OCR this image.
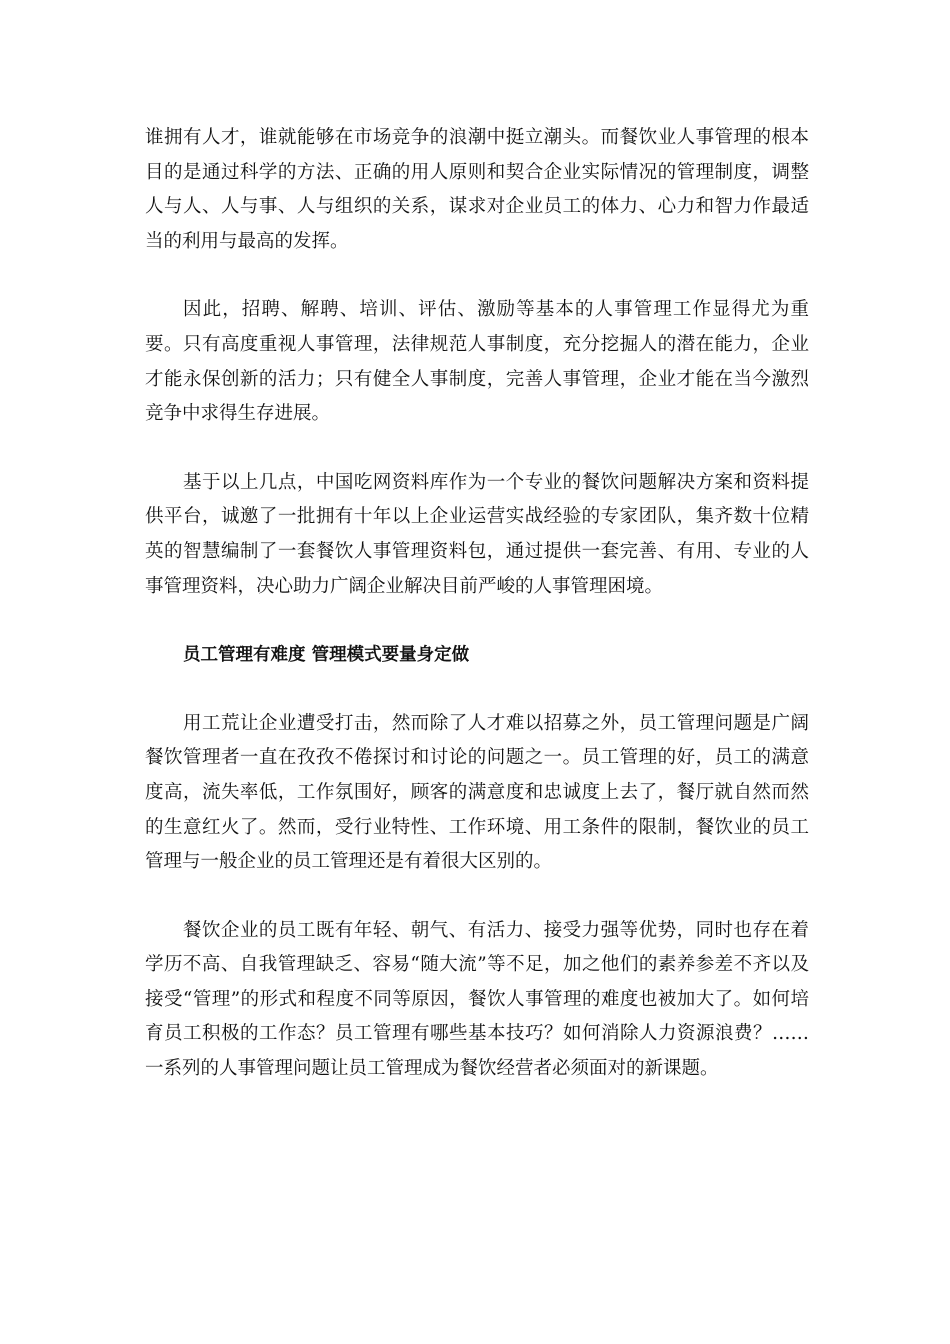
谁拥有人才，谁就能够在市场竞争的浪潮中挺立潮头。而餐饮业人事管理的根本目的是通过科学的方法、正确的用人原则和契合企业实际情况的管理制度，调整人与人、人与事、人与组织的关系，谋求对企业员工的体力、心力和智力作最适当的利用与最高的发挥。

因此，招聘、解聘、培训、评估、激励等基本的人事管理工作显得尤为重要。只有高度重视人事管理，法律规范人事制度，充分挖掘人的潜在能力，企业才能永保创新的活力；只有健全人事制度，完善人事管理，企业才能在当今激烈竞争中求得生存进展。

基于以上几点，中国吃网资料库作为一个专业的餐饮问题解决方案和资料提供平台，诚邀了一批拥有十年以上企业运营实战经验的专家团队，集齐数十位精英的智慧编制了一套餐饮人事管理资料包，通过提供一套完善、有用、专业的人事管理资料，决心助力广阔企业解决目前严峻的人事管理困境。

员工管理有难度 管理模式要量身定做

用工荒让企业遭受打击，然而除了人才难以招募之外，员工管理问题是广阔餐饮管理者一直在孜孜不倦探讨和讨论的问题之一。员工管理的好，员工的满意度高，流失率低，工作氛围好，顾客的满意度和忠诚度上去了，餐厅就自然而然的生意红火了。然而，受行业特性、工作环境、用工条件的限制，餐饮业的员工管理与一般企业的员工管理还是有着很大区别的。

餐饮企业的员工既有年轻、朝气、有活力、接受力强等优势，同时也存在着学历不高、自我管理缺乏、容易“随大流”等不足，加之他们的素养参差不齐以及接受“管理”的形式和程度不同等原因，餐饮人事管理的难度也被加大了。如何培育员工积极的工作态？员工管理有哪些基本技巧？如何消除人力资源浪费？……一系列的人事管理问题让员工管理成为餐饮经营者必须面对的新课题。
